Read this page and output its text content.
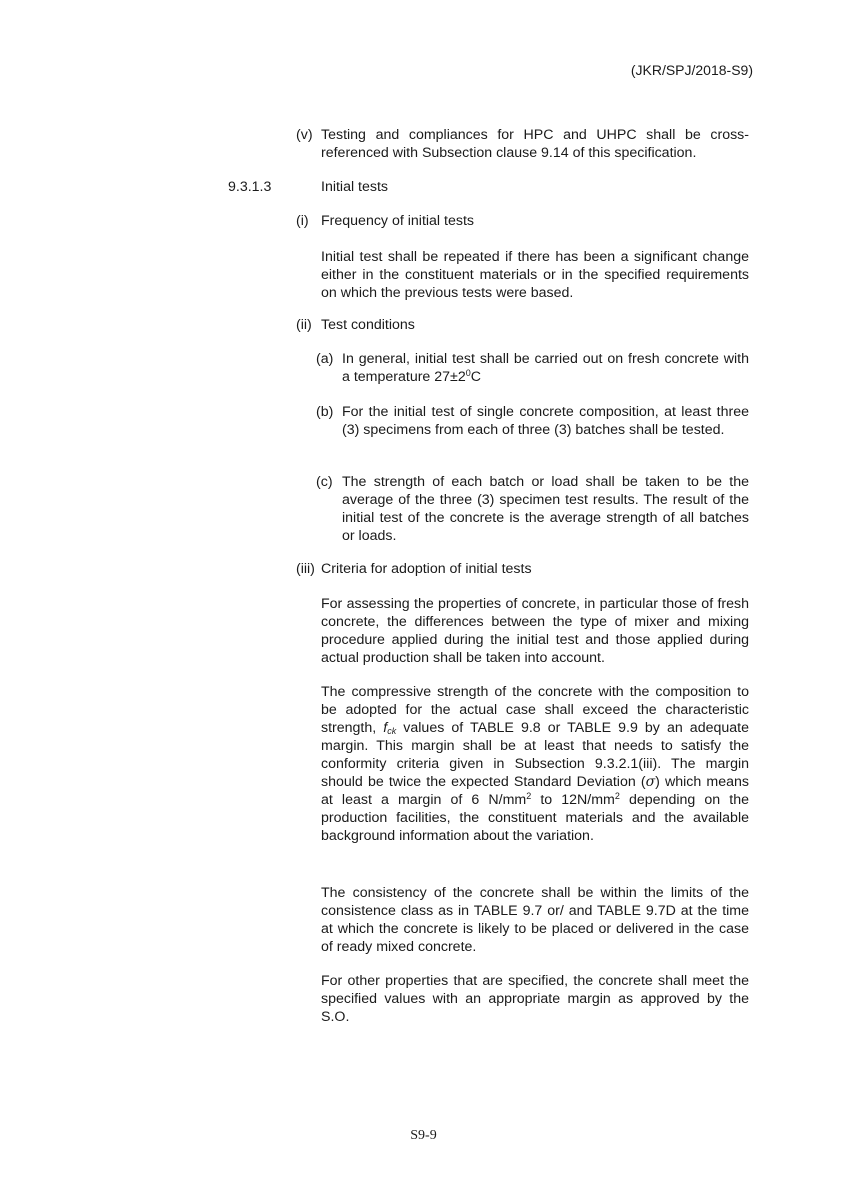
(JKR/SPJ/2018-S9)
(v) Testing and compliances for HPC and UHPC shall be cross-referenced with Subsection clause 9.14 of this specification.
9.3.1.3	Initial tests
(i) Frequency of initial tests
Initial test shall be repeated if there has been a significant change either in the constituent materials or in the specified requirements on which the previous tests were based.
(ii) Test conditions
(a) In general, initial test shall be carried out on fresh concrete with a temperature $27\pm 2^0C$
(b) For the initial test of single concrete composition, at least three (3) specimens from each of three (3) batches shall be tested.
(c) The strength of each batch or load shall be taken to be the average of the three (3) specimen test results. The result of the initial test of the concrete is the average strength of all batches or loads.
(iii) Criteria for adoption of initial tests
For assessing the properties of concrete, in particular those of fresh concrete, the differences between the type of mixer and mixing procedure applied during the initial test and those applied during actual production shall be taken into account.
The compressive strength of the concrete with the composition to be adopted for the actual case shall exceed the characteristic strength, $f_{ck}$ values of TABLE 9.8 or TABLE 9.9 by an adequate margin. This margin shall be at least that needs to satisfy the conformity criteria given in Subsection 9.3.2.1(iii). The margin should be twice the expected Standard Deviation (σ) which means at least a margin of 6 $N/mm^2$ to $12N/mm^2$ depending on the production facilities, the constituent materials and the available background information about the variation.
The consistency of the concrete shall be within the limits of the consistence class as in TABLE 9.7 or/ and TABLE 9.7D at the time at which the concrete is likely to be placed or delivered in the case of ready mixed concrete.
For other properties that are specified, the concrete shall meet the specified values with an appropriate margin as approved by the S.O.
S9-9
